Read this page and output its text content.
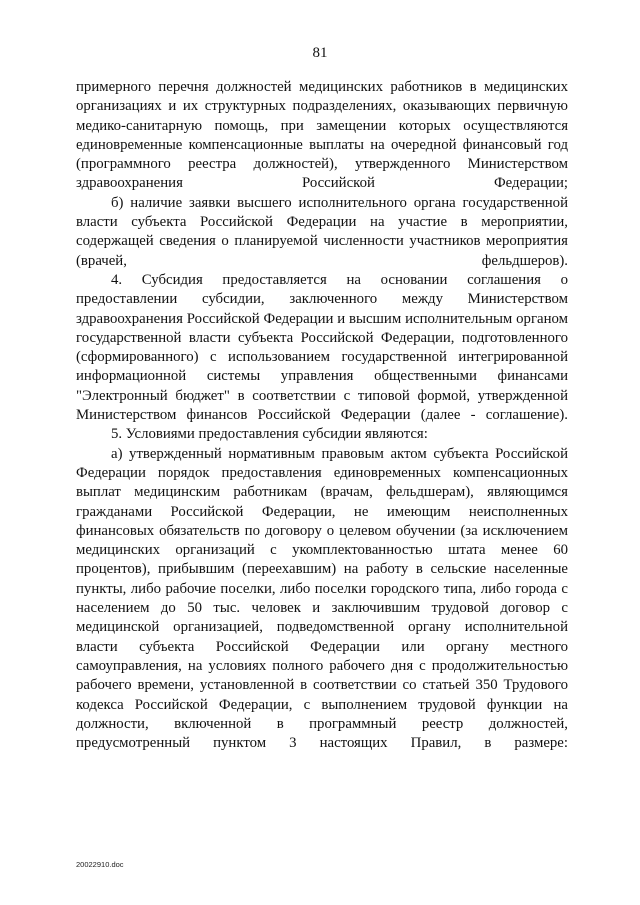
81

примерного перечня должностей медицинских работников в медицинских организациях и их структурных подразделениях, оказывающих первичную медико-санитарную помощь, при замещении которых осуществляются единовременные компенсационные выплаты на очередной финансовый год (программного реестра должностей), утвержденного Министерством здравоохранения Российской Федерации;

б) наличие заявки высшего исполнительного органа государственной власти субъекта Российской Федерации на участие в мероприятии, содержащей сведения о планируемой численности участников мероприятия (врачей, фельдшеров).

4. Субсидия предоставляется на основании соглашения о предоставлении субсидии, заключенного между Министерством здравоохранения Российской Федерации и высшим исполнительным органом государственной власти субъекта Российской Федерации, подготовленного (сформированного) с использованием государственной интегрированной информационной системы управления общественными финансами "Электронный бюджет" в соответствии с типовой формой, утвержденной Министерством финансов Российской Федерации (далее - соглашение).

5. Условиями предоставления субсидии являются:

а) утвержденный нормативным правовым актом субъекта Российской Федерации порядок предоставления единовременных компенсационных выплат медицинским работникам (врачам, фельдшерам), являющимся гражданами Российской Федерации, не имеющим неисполненных финансовых обязательств по договору о целевом обучении (за исключением медицинских организаций с укомплектованностью штата менее 60 процентов), прибывшим (переехавшим) на работу в сельские населенные пункты, либо рабочие поселки, либо поселки городского типа, либо города с населением до 50 тыс. человек и заключившим трудовой договор с медицинской организацией, подведомственной органу исполнительной власти субъекта Российской Федерации или органу местного самоуправления, на условиях полного рабочего дня с продолжительностью рабочего времени, установленной в соответствии со статьей 350 Трудового кодекса Российской Федерации, с выполнением трудовой функции на должности, включенной в программный реестр должностей, предусмотренный пунктом 3 настоящих Правил, в размере:

20022910.doc
